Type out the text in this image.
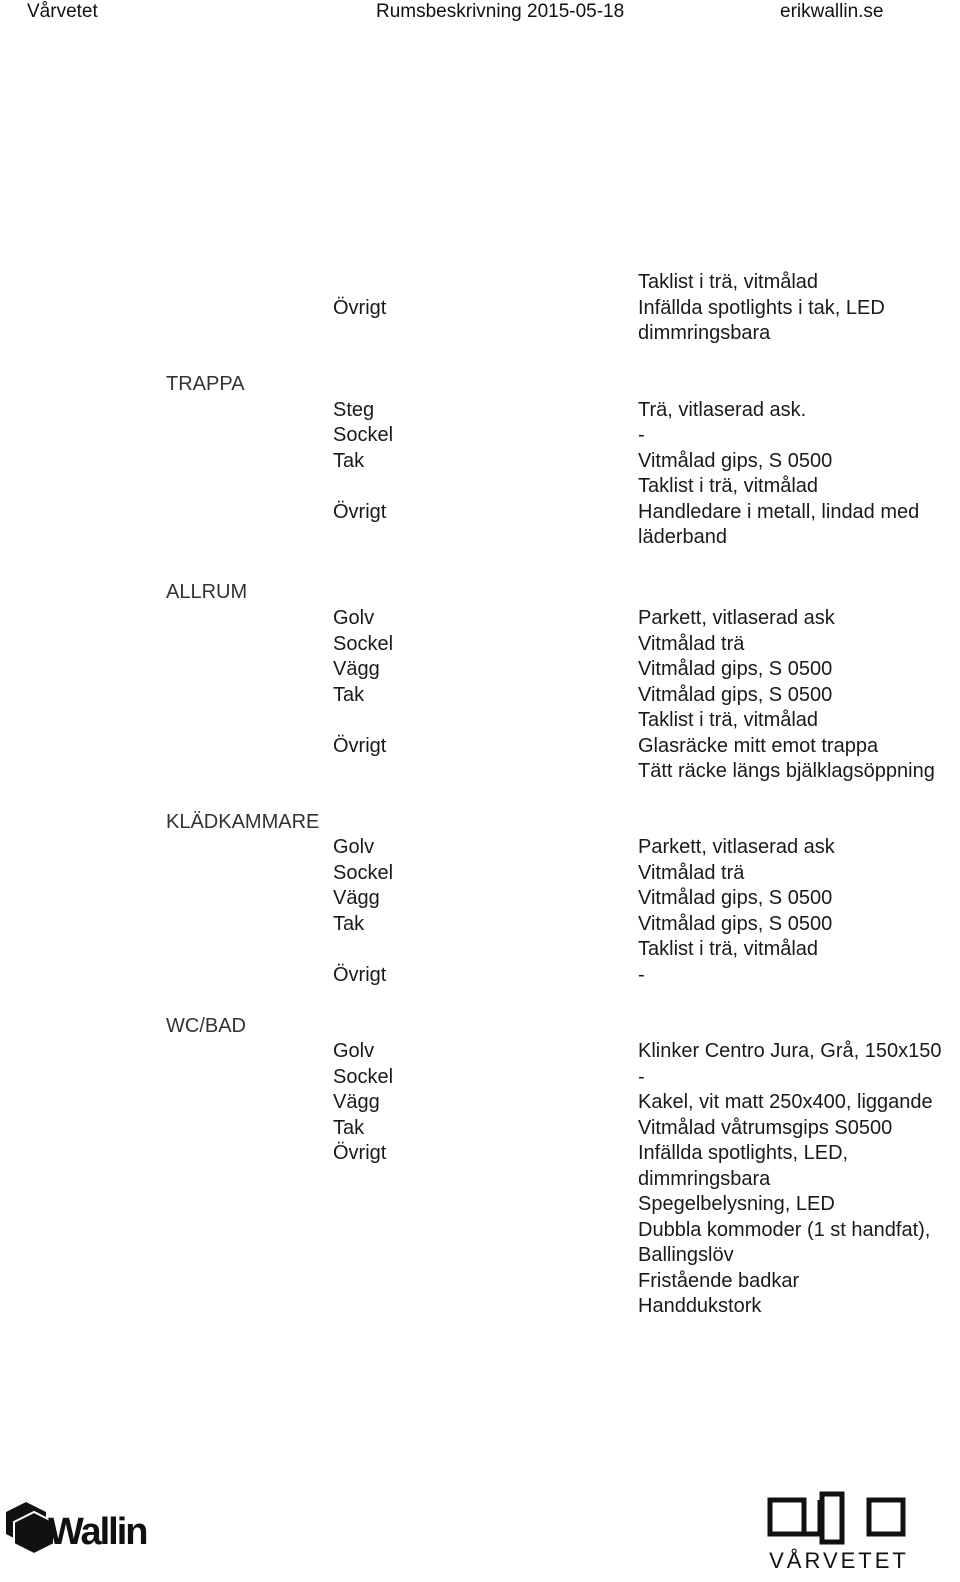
Vårvetet	Rumsbeskrivning 2015-05-18	erikwallin.se
Taklist i trä, vitmålad
Övrigt	Infällda spotlights i tak, LED
dimmringsbara
TRAPPA
Steg	Trä, vitlaserad ask.
Sockel	-
Tak	Vitmålad gips, S 0500
Taklist i trä, vitmålad
Övrigt	Handledare i metall, lindad med
läderband
ALLRUM
Golv	Parkett, vitlaserad ask
Sockel	Vitmålad trä
Vägg	Vitmålad gips, S 0500
Tak	Vitmålad gips, S 0500
Taklist i trä, vitmålad
Övrigt	Glasräcke mitt emot trappa
Tätt räcke längs bjälklagsöppning
KLÄDKAMMARE
Golv	Parkett, vitlaserad ask
Sockel	Vitmålad trä
Vägg	Vitmålad gips, S 0500
Tak	Vitmålad gips, S 0500
Taklist i trä, vitmålad
Övrigt	-
WC/BAD
Golv	Klinker Centro Jura, Grå, 150x150
Sockel	-
Vägg	Kakel, vit matt 250x400, liggande
Tak	Vitmålad våtrumsgips S0500
Övrigt	Infällda spotlights, LED,
dimmringsbara
Spegelbelysning, LED
Dubbla kommoder (1 st handfat),
Ballingslöv
Fristående badkar
Handdukstork
Wallin
VÅRVETET
